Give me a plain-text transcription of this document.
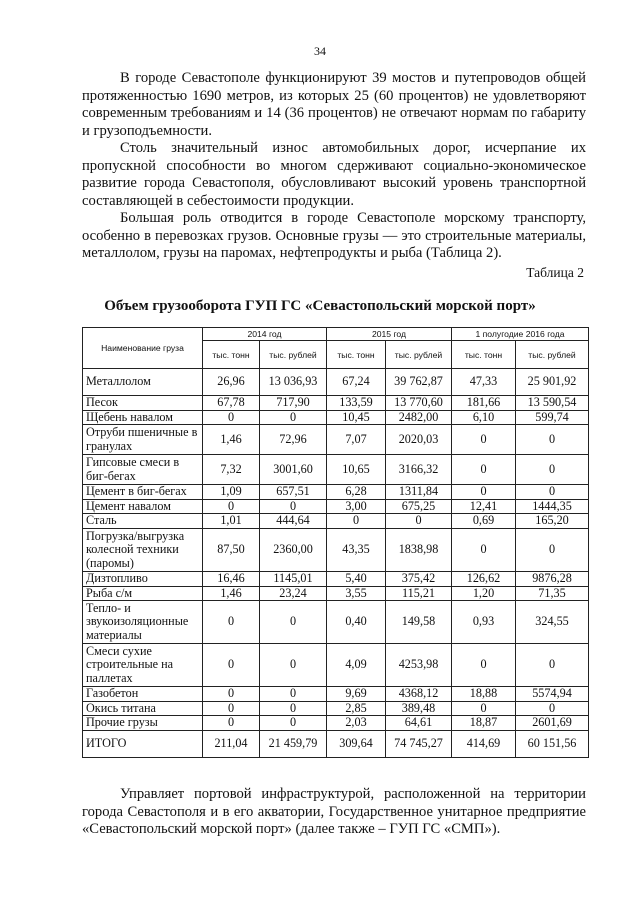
34

В городе Севастополе функционируют 39 мостов и путепроводов общей протяженностью 1690 метров, из которых 25 (60 процентов) не удовлетворяют современным требованиям и 14 (36 процентов) не отвечают нормам по габариту и грузоподъемности.

Столь значительный износ автомобильных дорог, исчерпание их пропускной способности во многом сдерживают социально-экономическое развитие города Севастополя, обусловливают высокий уровень транспортной составляющей в себестоимости продукции.

Большая роль отводится в городе Севастополе морскому транспорту, особенно в перевозках грузов. Основные грузы — это строительные материалы, металлолом, грузы на паромах, нефтепродукты и рыба (Таблица 2).

Таблица 2
Объем грузооборота ГУП ГС «Севастопольский морской порт»
Наименование груза	2014 год		2015 год		1 полугодие 2016 года	
	тыс. тонн	тыс. рублей	тыс. тонн	тыс. рублей	тыс. тонн	тыс. рублей
Металлолом	26,96	13 036,93	67,24	39 762,87	47,33	25 901,92
Песок	67,78	717,90	133,59	13 770,60	181,66	13 590,54
Щебень навалом	0	0	10,45	2482,00	6,10	599,74
Отруби пшеничные в гранулах	1,46	72,96	7,07	2020,03	0	0
Гипсовые смеси в биг-бегах	7,32	3001,60	10,65	3166,32	0	0
Цемент в биг-бегах	1,09	657,51	6,28	1311,84	0	0
Цемент навалом	0	0	3,00	675,25	12,41	1444,35
Сталь	1,01	444,64	0	0	0,69	165,20
Погрузка/выгрузка колесной техники (паромы)	87,50	2360,00	43,35	1838,98	0	0
Дизтопливо	16,46	1145,01	5,40	375,42	126,62	9876,28
Рыба с/м	1,46	23,24	3,55	115,21	1,20	71,35
Тепло- и звукоизоляционные материалы	0	0	0,40	149,58	0,93	324,55
Смеси сухие строительные на паллетах	0	0	4,09	4253,98	0	0
Газобетон	0	0	9,69	4368,12	18,88	5574,94
Окись титана	0	0	2,85	389,48	0	0
Прочие грузы	0	0	2,03	64,61	18,87	2601,69
ИТОГО	211,04	21 459,79	309,64	74 745,27	414,69	60 151,56

Управляет портовой инфраструктурой, расположенной на территории города Севастополя и в его акватории, Государственное унитарное предприятие «Севастопольский морской порт» (далее также – ГУП ГС «СМП»).
